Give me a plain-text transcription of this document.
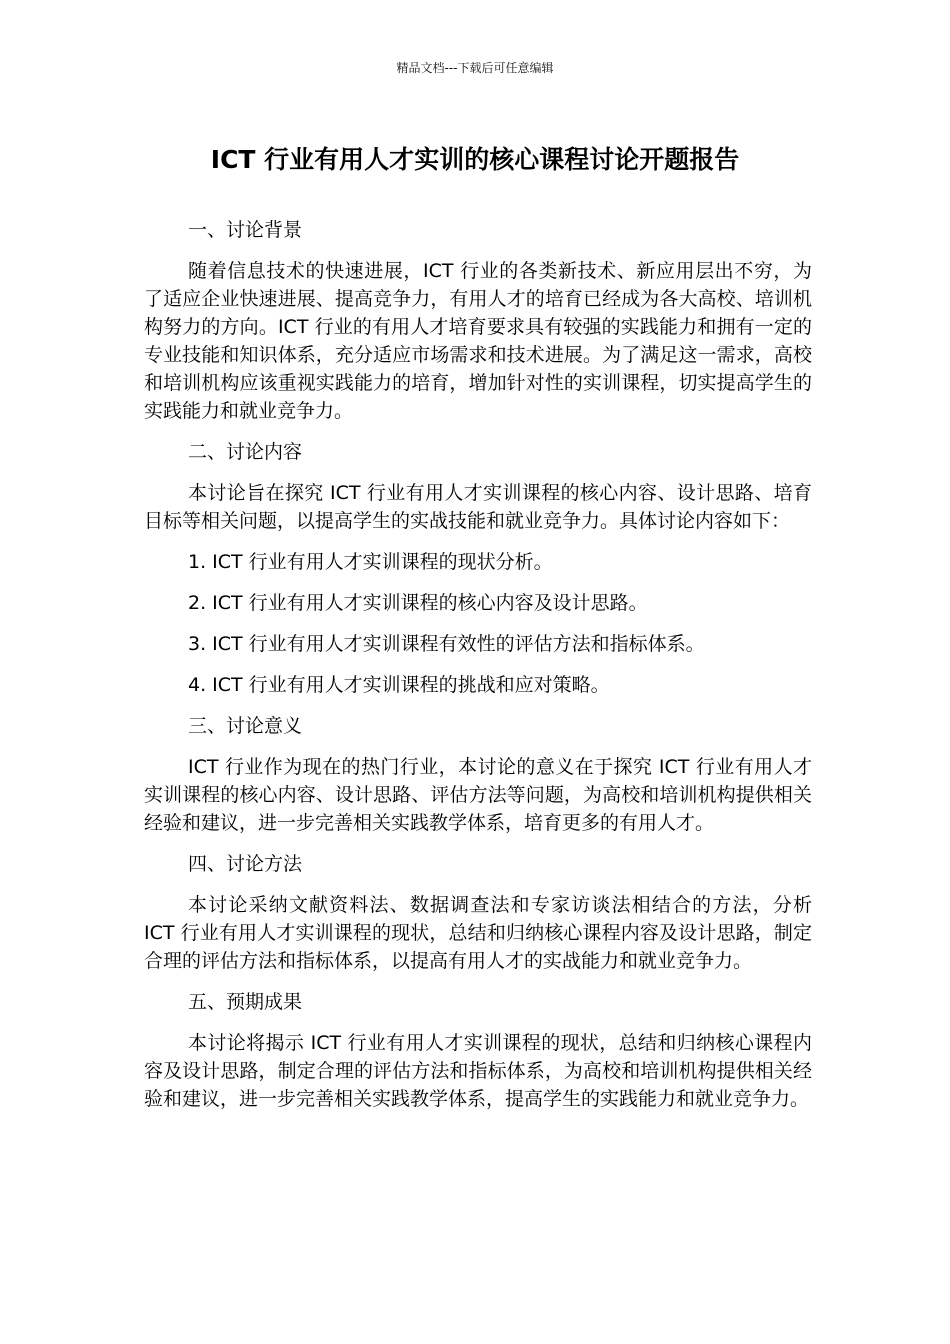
精品文档---下载后可任意编辑
ICT 行业有用人才实训的核心课程讨论开题报告

一、讨论背景

随着信息技术的快速进展，ICT 行业的各类新技术、新应用层出不穷，为了适应企业快速进展、提高竞争力，有用人才的培育已经成为各大高校、培训机构努力的方向。ICT 行业的有用人才培育要求具有较强的实践能力和拥有一定的专业技能和知识体系，充分适应市场需求和技术进展。为了满足这一需求，高校和培训机构应该重视实践能力的培育，增加针对性的实训课程，切实提高学生的实践能力和就业竞争力。

二、讨论内容

本讨论旨在探究 ICT 行业有用人才实训课程的核心内容、设计思路、培育目标等相关问题，以提高学生的实战技能和就业竞争力。具体讨论内容如下：

1. ICT 行业有用人才实训课程的现状分析。

2. ICT 行业有用人才实训课程的核心内容及设计思路。

3. ICT 行业有用人才实训课程有效性的评估方法和指标体系。

4. ICT 行业有用人才实训课程的挑战和应对策略。

三、讨论意义

ICT 行业作为现在的热门行业，本讨论的意义在于探究 ICT 行业有用人才实训课程的核心内容、设计思路、评估方法等问题，为高校和培训机构提供相关经验和建议，进一步完善相关实践教学体系，培育更多的有用人才。

四、讨论方法

本讨论采纳文献资料法、数据调查法和专家访谈法相结合的方法，分析 ICT 行业有用人才实训课程的现状，总结和归纳核心课程内容及设计思路，制定合理的评估方法和指标体系，以提高有用人才的实战能力和就业竞争力。

五、预期成果

本讨论将揭示 ICT 行业有用人才实训课程的现状，总结和归纳核心课程内容及设计思路，制定合理的评估方法和指标体系，为高校和培训机构提供相关经验和建议，进一步完善相关实践教学体系，提高学生的实践能力和就业竞争力。
